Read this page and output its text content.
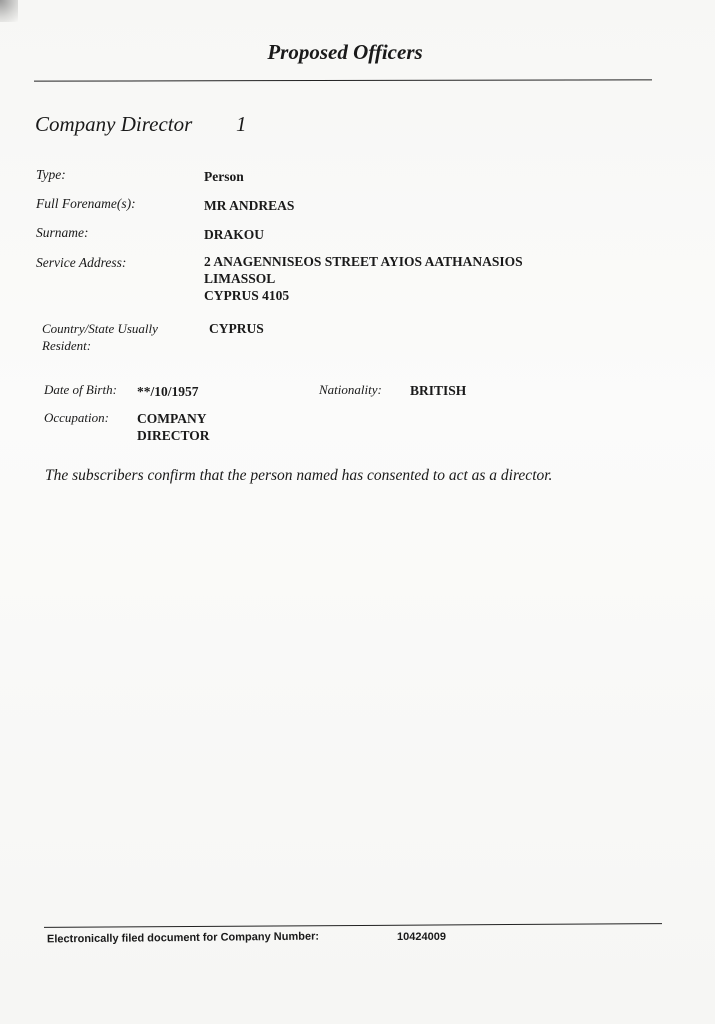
Proposed Officers
Company Director 1
Type:	Person
Full Forename(s):	MR ANDREAS
Surname:	DRAKOU
Service Address:	2 ANAGENNISEOS STREET AYIOS AATHANASIOS
LIMASSOL
CYPRUS 4105
Country/State Usually
Resident:
CYPRUS
Date of Birth: **/10/1957	Nationality: BRITISH
Occupation: COMPANY
DIRECTOR
The subscribers confirm that the person named has consented to act as a director.
Electronically filed document for Company Number:	10424009
